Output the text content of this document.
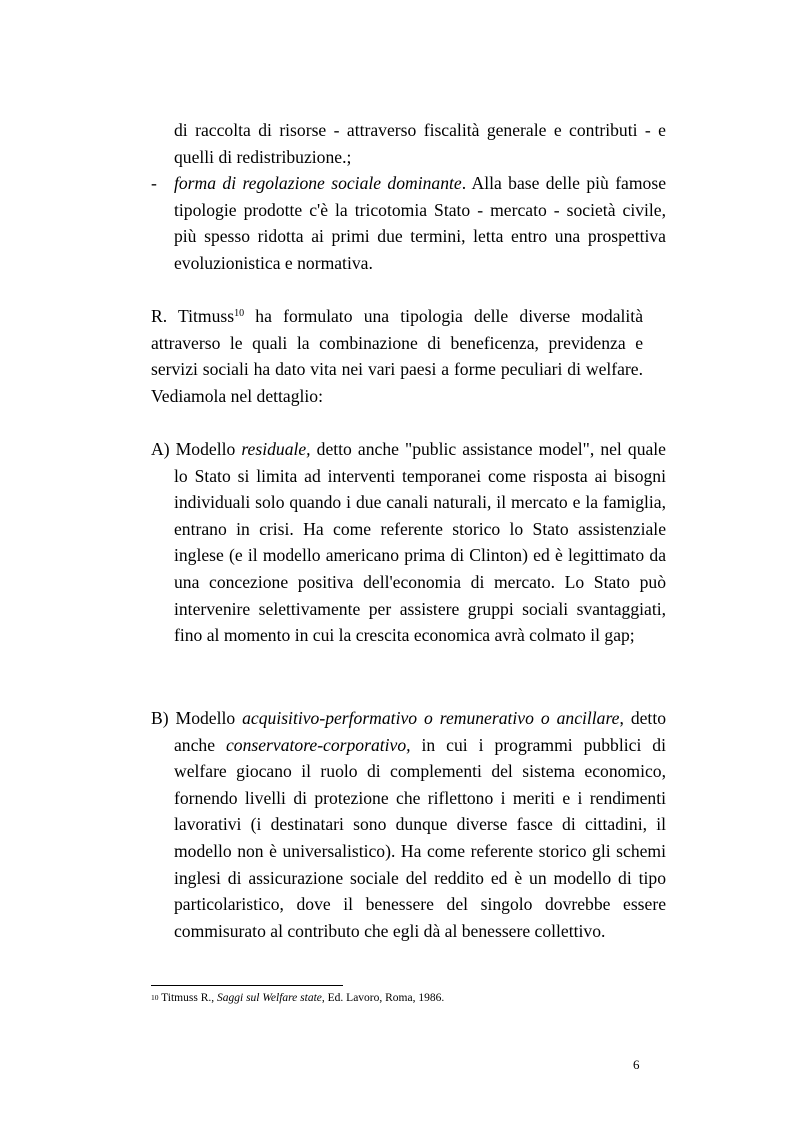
di raccolta di risorse - attraverso fiscalità generale e contributi - e quelli di redistribuzione.;
- forma di regolazione sociale dominante. Alla base delle più famose tipologie prodotte c'è la tricotomia Stato - mercato - società civile, più spesso ridotta ai primi due termini, letta entro una prospettiva evoluzionistica e normativa.
R. Titmuss$^{10}$ ha formulato una tipologia delle diverse modalità attraverso le quali la combinazione di beneficenza, previdenza e servizi sociali ha dato vita nei vari paesi a forme peculiari di welfare. Vediamola nel dettaglio:
A) Modello residuale, detto anche "public assistance model", nel quale lo Stato si limita ad interventi temporanei come risposta ai bisogni individuali solo quando i due canali naturali, il mercato e la famiglia, entrano in crisi. Ha come referente storico lo Stato assistenziale inglese (e il modello americano prima di Clinton) ed è legittimato da una concezione positiva dell'economia di mercato. Lo Stato può intervenire selettivamente per assistere gruppi sociali svantaggiati, fino al momento in cui la crescita economica avrà colmato il gap;
B) Modello acquisitivo-performativo o remunerativo o ancillare, detto anche conservatore-corporativo, in cui i programmi pubblici di welfare giocano il ruolo di complementi del sistema economico, fornendo livelli di protezione che riflettono i meriti e i rendimenti lavorativi (i destinatari sono dunque diverse fasce di cittadini, il modello non è universalistico). Ha come referente storico gli schemi inglesi di assicurazione sociale del reddito ed è un modello di tipo particolaristico, dove il benessere del singolo dovrebbe essere commisurato al contributo che egli dà al benessere collettivo.
$^{10}$ Titmuss R., Saggi sul Welfare state, Ed. Lavoro, Roma, 1986.
6
